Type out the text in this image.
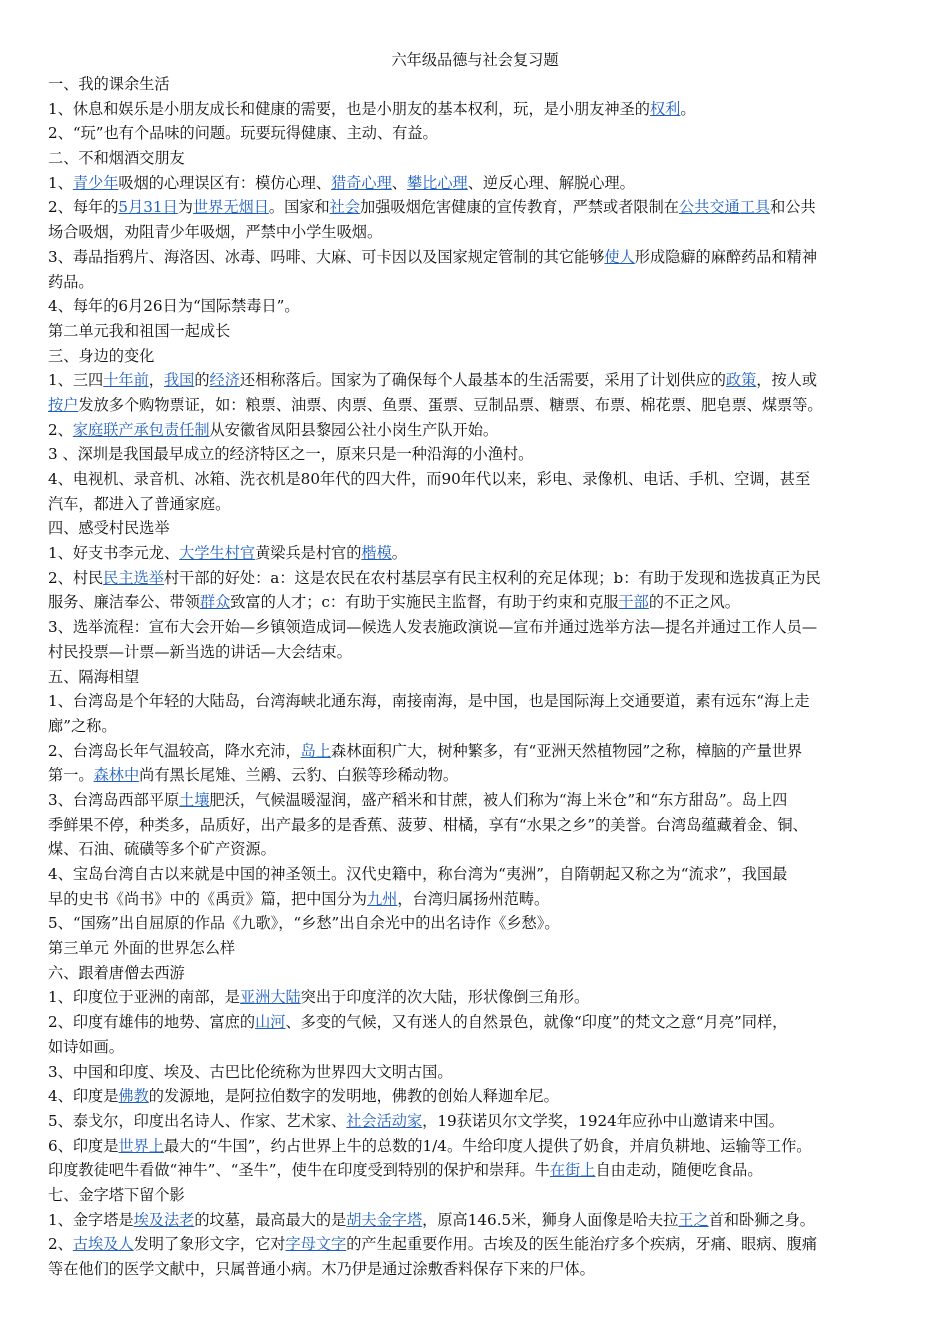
六年级品德与社会复习题
一、我的课余生活
1、休息和娱乐是小朋友成长和健康的需要，也是小朋友的基本权利，玩，是小朋友神圣的权利。
2、“玩”也有个品味的问题。玩要玩得健康、主动、有益。
二、不和烟酒交朋友
1、青少年吸烟的心理误区有：模仿心理、猎奇心理、攀比心理、逆反心理、解脱心理。
2、每年的5月31日为世界无烟日。国家和社会加强吸烟危害健康的宣传教育，严禁或者限制在公共交通工具和公共
场合吸烟，劝阻青少年吸烟，严禁中小学生吸烟。
3、毒品指鸦片、海洛因、冰毒、吗啡、大麻、可卡因以及国家规定管制的其它能够使人形成隐癖的麻醉药品和精神
药品。
4、每年的6月26日为“国际禁毒日”。
第二单元我和祖国一起成长
三、身边的变化
1、三四十年前，我国的经济还相称落后。国家为了确保每个人最基本的生活需要，采用了计划供应的政策，按人或
按户发放多个购物票证，如：粮票、油票、肉票、鱼票、蛋票、豆制品票、糖票、布票、棉花票、肥皂票、煤票等。
2、家庭联产承包责任制从安徽省凤阳县黎园公社小岗生产队开始。
3 、深圳是我国最早成立的经济特区之一，原来只是一种沿海的小渔村。
4、电视机、录音机、冰箱、洗衣机是80年代的四大件，而90年代以来，彩电、录像机、电话、手机、空调，甚至
汽车，都进入了普通家庭。
四、感受村民选举
1、好支书李元龙、大学生村官黄梁兵是村官的楷模。
2、村民民主选举村干部的好处：a：这是农民在农村基层享有民主权利的充足体现；b：有助于发现和选拔真正为民
服务、廉洁奉公、带领群众致富的人才；c：有助于实施民主监督，有助于约束和克服干部的不正之风。
3、选举流程：宣布大会开始—乡镇领造成词—候选人发表施政演说—宣布并通过选举方法—提名并通过工作人员—
村民投票—计票—新当选的讲话—大会结束。
五、隔海相望
1、台湾岛是个年轻的大陆岛，台湾海峡北通东海，南接南海，是中国，也是国际海上交通要道，素有远东“海上走
廊”之称。
2、台湾岛长年气温较高，降水充沛，岛上森林面积广大，树种繁多，有“亚洲天然植物园”之称，樟脑的产量世界
第一。森林中尚有黑长尾雉、兰鹇、云豹、白猴等珍稀动物。
3、台湾岛西部平原土壤肥沃，气候温暖湿润，盛产稻米和甘蔗，被人们称为“海上米仓”和“东方甜岛”。岛上四
季鲜果不停，种类多，品质好，出产最多的是香蕉、菠萝、柑橘，享有“水果之乡”的美誉。台湾岛蕴藏着金、铜、
煤、石油、硫磺等多个矿产资源。
4、宝岛台湾自古以来就是中国的神圣领土。汉代史籍中，称台湾为“夷洲”，自隋朝起又称之为“流求”，我国最
早的史书《尚书》中的《禹贡》篇，把中国分为九州，台湾归属扬州范畴。
5、“国殇”出自屈原的作品《九歌》，“乡愁”出自余光中的出名诗作《乡愁》。
第三单元 外面的世界怎么样
六、跟着唐僧去西游
1、印度位于亚洲的南部，是亚洲大陆突出于印度洋的次大陆，形状像倒三角形。
2、印度有雄伟的地势、富庶的山河、多变的气候，又有迷人的自然景色，就像“印度”的梵文之意“月亮”同样，
如诗如画。
3、中国和印度、埃及、古巴比伦统称为世界四大文明古国。
4、印度是佛教的发源地，是阿拉伯数字的发明地，佛教的创始人释迦牟尼。
5、泰戈尔，印度出名诗人、作家、艺术家、社会活动家，19获诺贝尔文学奖，1924年应孙中山邀请来中国。
6、印度是世界上最大的“牛国”，约占世界上牛的总数的1/4。牛给印度人提供了奶食，并肩负耕地、运输等工作。
印度教徒吧牛看做“神牛”、“圣牛”，使牛在印度受到特别的保护和崇拜。牛在街上自由走动，随便吃食品。
七、金字塔下留个影
1、金字塔是埃及法老的坟墓，最高最大的是胡夫金字塔，原高146.5米，狮身人面像是哈夫拉王之首和卧狮之身。
2、古埃及人发明了象形文字，它对字母文字的产生起重要作用。古埃及的医生能治疗多个疾病，牙痛、眼病、腹痛
等在他们的医学文献中，只属普通小病。木乃伊是通过涂敷香料保存下来的尸体。
